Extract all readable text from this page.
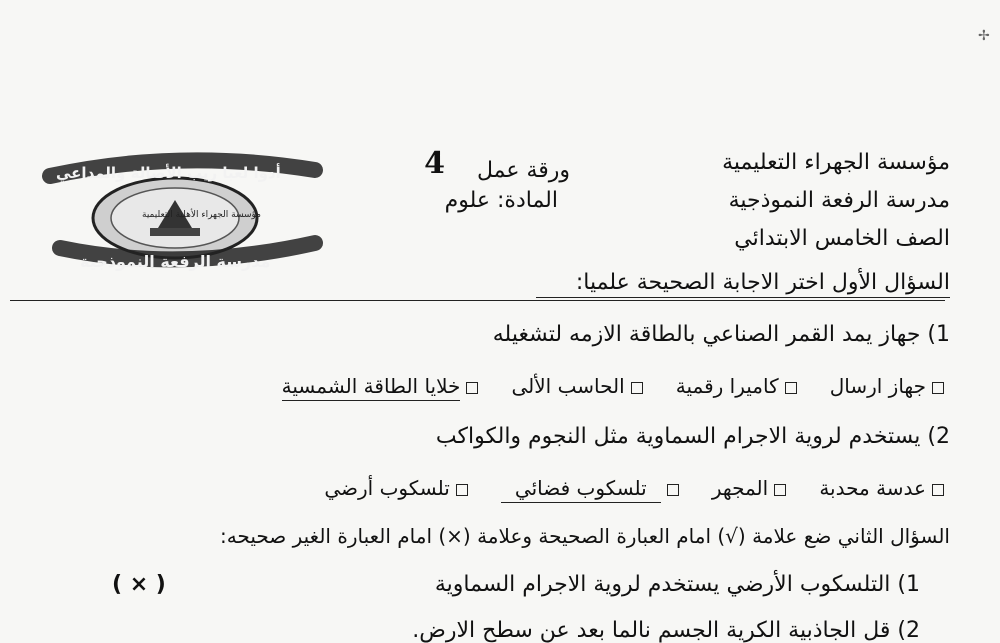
✢
مؤسسة الجهراء التعليمية
مدرسة الرفعة النموذجية
الصف الخامس الابتدائي
ورقة عمل  4
المادة: علوم
أدوا لعبا ريب الأصالة والمداعي
مؤسسة الجهراء الأهلية التعليمية
مدرسة الرفعة النموذجية
السؤال الأول اختر الاجابة الصحيحة علميا:
1) جهاز يمد القمر الصناعي بالطاقة الازمه لتشغيله
جهاز ارسال كاميرا رقمية الحاسب الألى خلايا الطاقة الشمسية
2) يستخدم لروية الاجرام السماوية مثل النجوم والكواكب
عدسة محدبة المجهر تلسكوب فضائي تلسكوب أرضي
السؤال الثاني ضع علامة (√) امام العبارة الصحيحة وعلامة (×) امام العبارة الغير صحيحه:
1) التلسكوب الأرضي يستخدم لروية الاجرام السماوية
( × )
2) قل الجاذبية الكرية الجسم نالما بعد عن سطح الارض.
